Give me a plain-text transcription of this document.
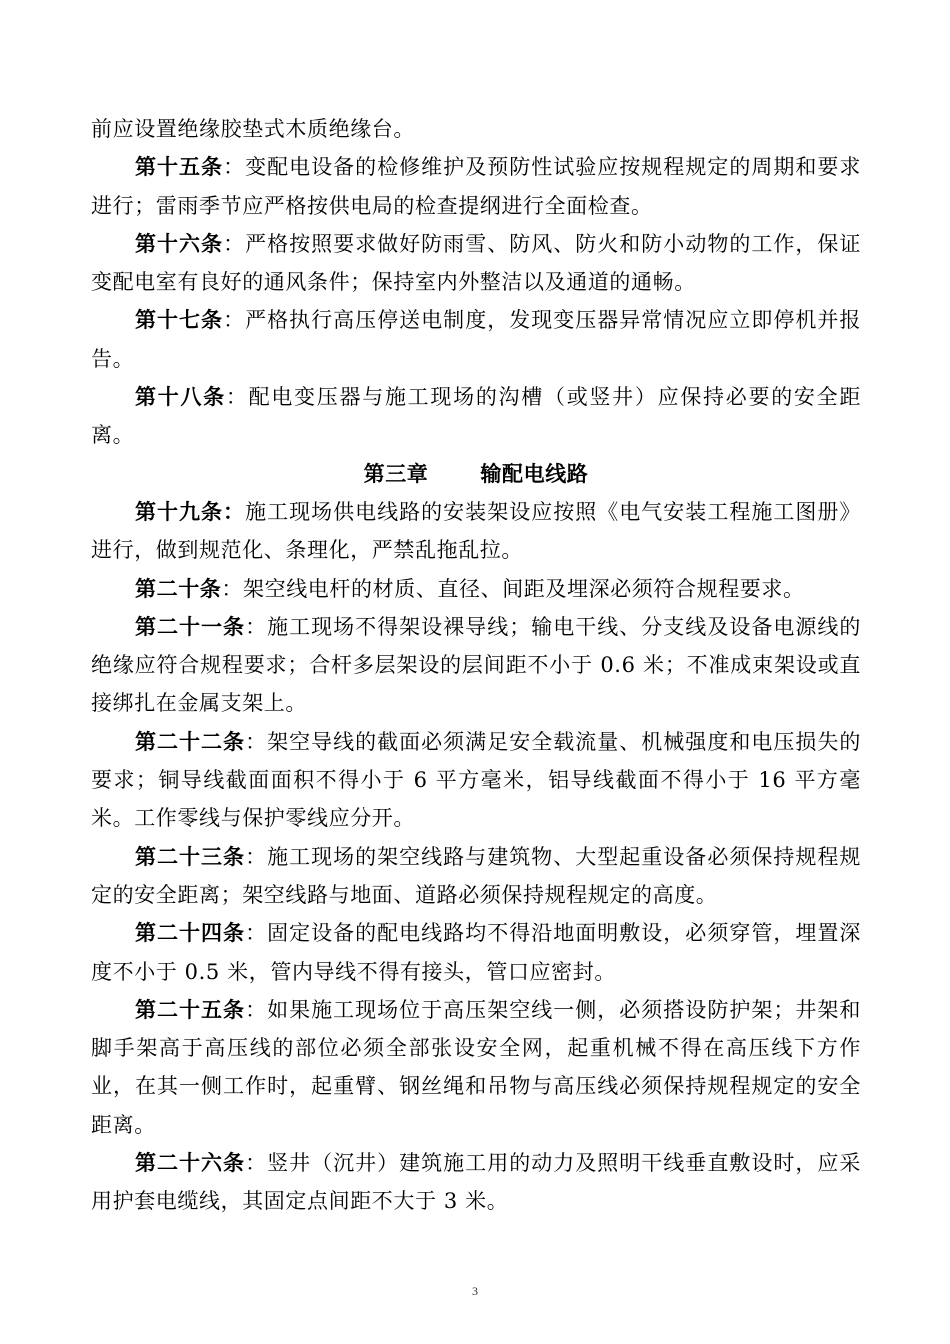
前应设置绝缘胶垫式木质绝缘台。

第十五条：变配电设备的检修维护及预防性试验应按规程规定的周期和要求进行；雷雨季节应严格按供电局的检查提纲进行全面检查。

第十六条：严格按照要求做好防雨雪、防风、防火和防小动物的工作，保证变配电室有良好的通风条件；保持室内外整洁以及通道的通畅。

第十七条：严格执行高压停送电制度，发现变压器异常情况应立即停机并报告。

第十八条：配电变压器与施工现场的沟槽（或竖井）应保持必要的安全距离。

第三章 输配电线路

第十九条：施工现场供电线路的安装架设应按照《电气安装工程施工图册》进行，做到规范化、条理化，严禁乱拖乱拉。

第二十条：架空线电杆的材质、直径、间距及埋深必须符合规程要求。

第二十一条：施工现场不得架设裸导线；输电干线、分支线及设备电源线的绝缘应符合规程要求；合杆多层架设的层间距不小于 0.6 米；不准成束架设或直接绑扎在金属支架上。

第二十二条：架空导线的截面必须满足安全载流量、机械强度和电压损失的要求；铜导线截面面积不得小于 6 平方毫米，铝导线截面不得小于 16 平方毫米。工作零线与保护零线应分开。

第二十三条：施工现场的架空线路与建筑物、大型起重设备必须保持规程规定的安全距离；架空线路与地面、道路必须保持规程规定的高度。

第二十四条：固定设备的配电线路均不得沿地面明敷设，必须穿管，埋置深度不小于 0.5 米，管内导线不得有接头，管口应密封。

第二十五条：如果施工现场位于高压架空线一侧，必须搭设防护架；井架和脚手架高于高压线的部位必须全部张设安全网，起重机械不得在高压线下方作业，在其一侧工作时，起重臂、钢丝绳和吊物与高压线必须保持规程规定的安全距离。

第二十六条：竖井（沉井）建筑施工用的动力及照明干线垂直敷设时，应采用护套电缆线，其固定点间距不大于 3 米。

3
